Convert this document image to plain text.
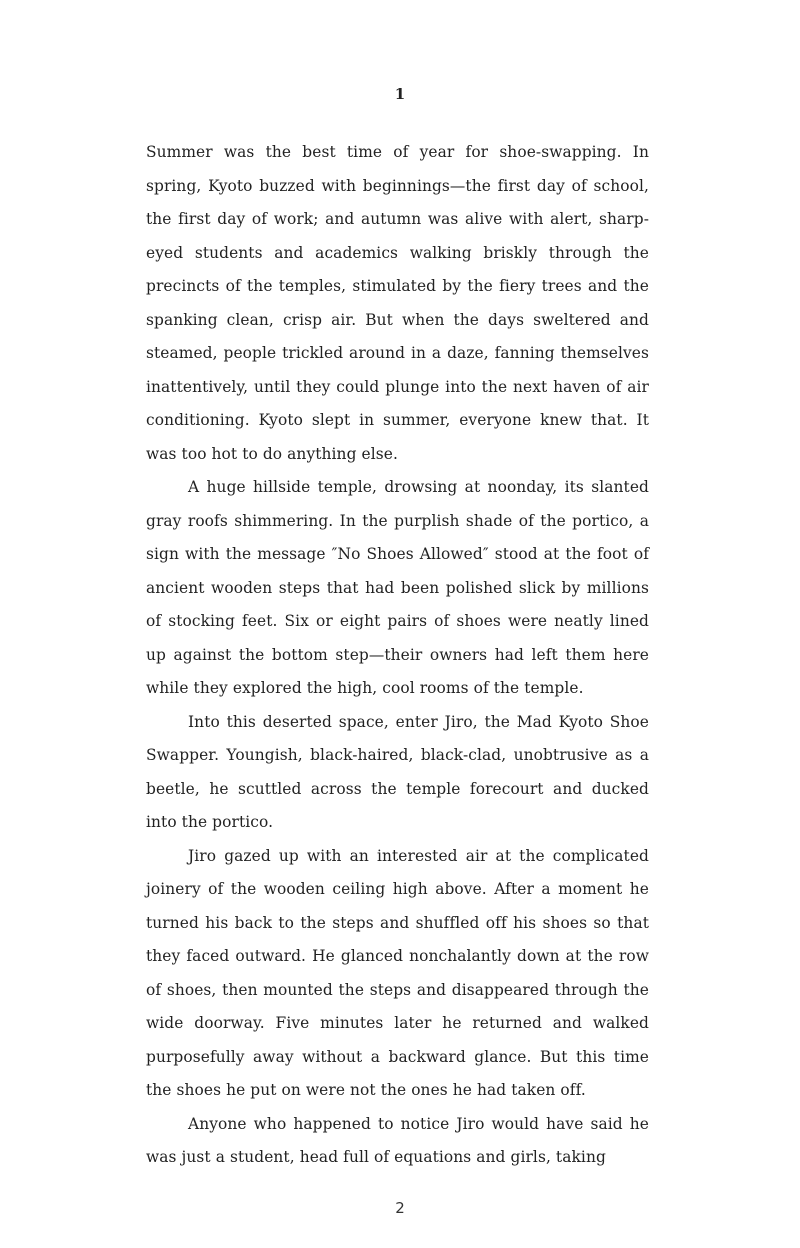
1

Summer was the best time of year for shoe-swapping. In spring, Kyoto buzzed with beginnings—the first day of school, the first day of work; and autumn was alive with alert, sharp-eyed students and academics walking briskly through the precincts of the temples, stimulated by the fiery trees and the spanking clean, crisp air. But when the days sweltered and steamed, people trickled around in a daze, fanning themselves inattentively, until they could plunge into the next haven of air conditioning. Kyoto slept in summer, everyone knew that. It was too hot to do anything else.

A huge hillside temple, drowsing at noonday, its slanted gray roofs shimmering. In the purplish shade of the portico, a sign with the message ″No Shoes Allowed″ stood at the foot of ancient wooden steps that had been polished slick by millions of stocking feet. Six or eight pairs of shoes were neatly lined up against the bottom step—their owners had left them here while they explored the high, cool rooms of the temple.

Into this deserted space, enter Jiro, the Mad Kyoto Shoe Swapper. Youngish, black-haired, black-clad, unobtrusive as a beetle, he scuttled across the temple forecourt and ducked into the portico.

Jiro gazed up with an interested air at the complicated joinery of the wooden ceiling high above. After a moment he turned his back to the steps and shuffled off his shoes so that they faced outward. He glanced nonchalantly down at the row of shoes, then mounted the steps and disappeared through the wide doorway. Five minutes later he returned and walked purposefully away without a backward glance. But this time the shoes he put on were not the ones he had taken off.

Anyone who happened to notice Jiro would have said he was just a student, head full of equations and girls, taking

2
